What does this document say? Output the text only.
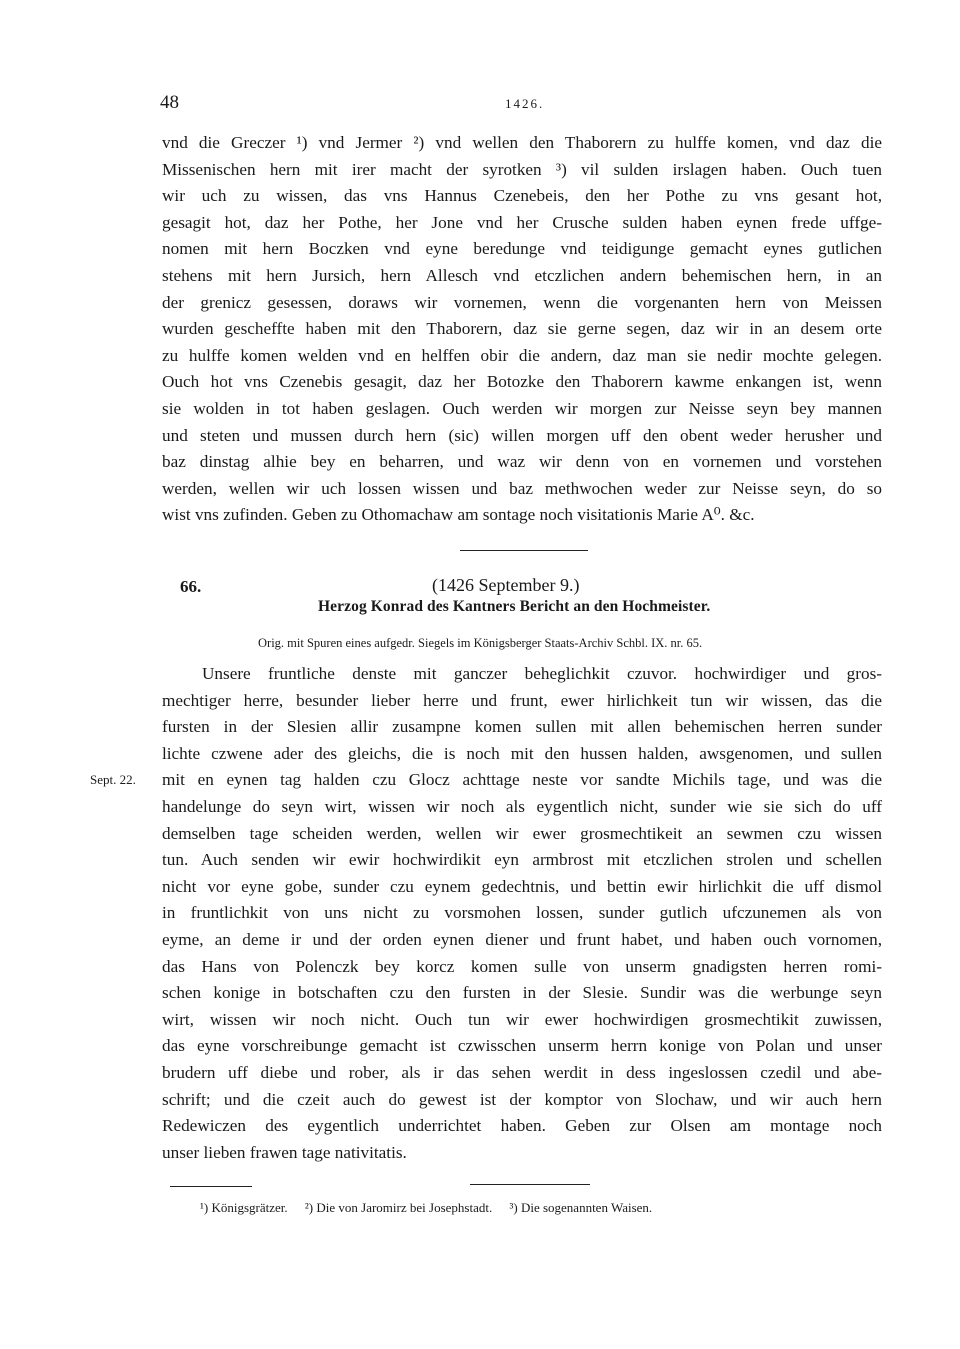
48	1426.
vnd die Greczer ¹) vnd Jermer ²) vnd wellen den Thaborern zu hulffe komen, vnd daz die
Missenischen hern mit irer macht der syrotken ³) vil sulden irslagen haben. Ouch tuen
wir uch zu wissen, das vns Hannus Czenebeis, den her Pothe zu vns gesant hot,
gesagit hot, daz her Pothe, her Jone vnd her Crusche sulden haben eynen frede uffge-
nomen mit hern Boczken vnd eyne beredunge vnd teidigunge gemacht eynes gutlichen
stehens mit hern Jursich, hern Allesch vnd etczlichen andern behemischen hern, in an
der grenicz gesessen, doraws wir vornemen, wenn die vorgenanten hern von Meissen
wurden gescheffte haben mit den Thaborern, daz sie gerne segen, daz wir in an desem orte
zu hulffe komen welden vnd en helffen obir die andern, daz man sie nedir mochte gelegen.
Ouch hot vns Czenebis gesagit, daz her Botozke den Thaborern kawme enkangen ist, wenn
sie wolden in tot haben geslagen. Ouch werden wir morgen zur Neisse seyn bey mannen
und steten und mussen durch hern (sic) willen morgen uff den obent weder herusher und
baz dinstag alhie bey en beharren, und waz wir denn von en vornemen und vorstehen
werden, wellen wir uch lossen wissen und baz methwochen weder zur Neisse seyn, do so
wist vns zufinden. Geben zu Othomachaw am sontage noch visitationis Marie A⁰. &c.
66.	(1426 September 9.)
Herzog Konrad des Kantners Bericht an den Hochmeister.
Orig. mit Spuren eines aufgedr. Siegels im Königsberger Staats-Archiv Schbl. IX. nr. 65.
Sept. 22.
Unsere fruntliche denste mit ganczer beheglichkit czuvor. hochwirdiger und gros-
mechtiger herre, besunder lieber herre und frunt, ewer hirlichkeit tun wir wissen, das die
fursten in der Slesien allir zusampne komen sullen mit allen behemischen herren sunder
lichte czwene ader des gleichs, die is noch mit den hussen halden, awsgenomen, und sullen
mit en eynen tag halden czu Glocz achttage neste vor sandte Michils tage, und was die
handelunge do seyn wirt, wissen wir noch als eygentlich nicht, sunder wie sie sich do uff
demselben tage scheiden werden, wellen wir ewer grosmechtikeit an sewmen czu wissen
tun. Auch senden wir ewir hochwirdikit eyn armbrost mit etczlichen strolen und schellen
nicht vor eyne gobe, sunder czu eynem gedechtnis, und bettin ewir hirlichkit die uff dismol
in fruntlichkit von uns nicht zu vorsmohen lossen, sunder gutlich ufczunemen als von
eyme, an deme ir und der orden eynen diener und frunt habet, und haben ouch vornomen,
das Hans von Polenczk bey korcz komen sulle von unserm gnadigsten herren romi-
schen konige in botschaften czu den fursten in der Slesie. Sundir was die werbunge seyn
wirt, wissen wir noch nicht. Ouch tun wir ewer hochwirdigen grosmechtikit zuwissen,
das eyne vorschreibunge gemacht ist czwisschen unserm herrn konige von Polan und unser
brudern uff diebe und rober, als ir das sehen werdit in dess ingeslossen czedil und abe-
schrift; und die czeit auch do gewest ist der komptor von Slochaw, und wir auch hern
Redewiczen des eygentlich underrichtet haben. Geben zur Olsen am montage noch
unser lieben frawen tage nativitatis.
¹) Königsgrätzer. ²) Die von Jaromirz bei Josephstadt. ³) Die sogenannten Waisen.
